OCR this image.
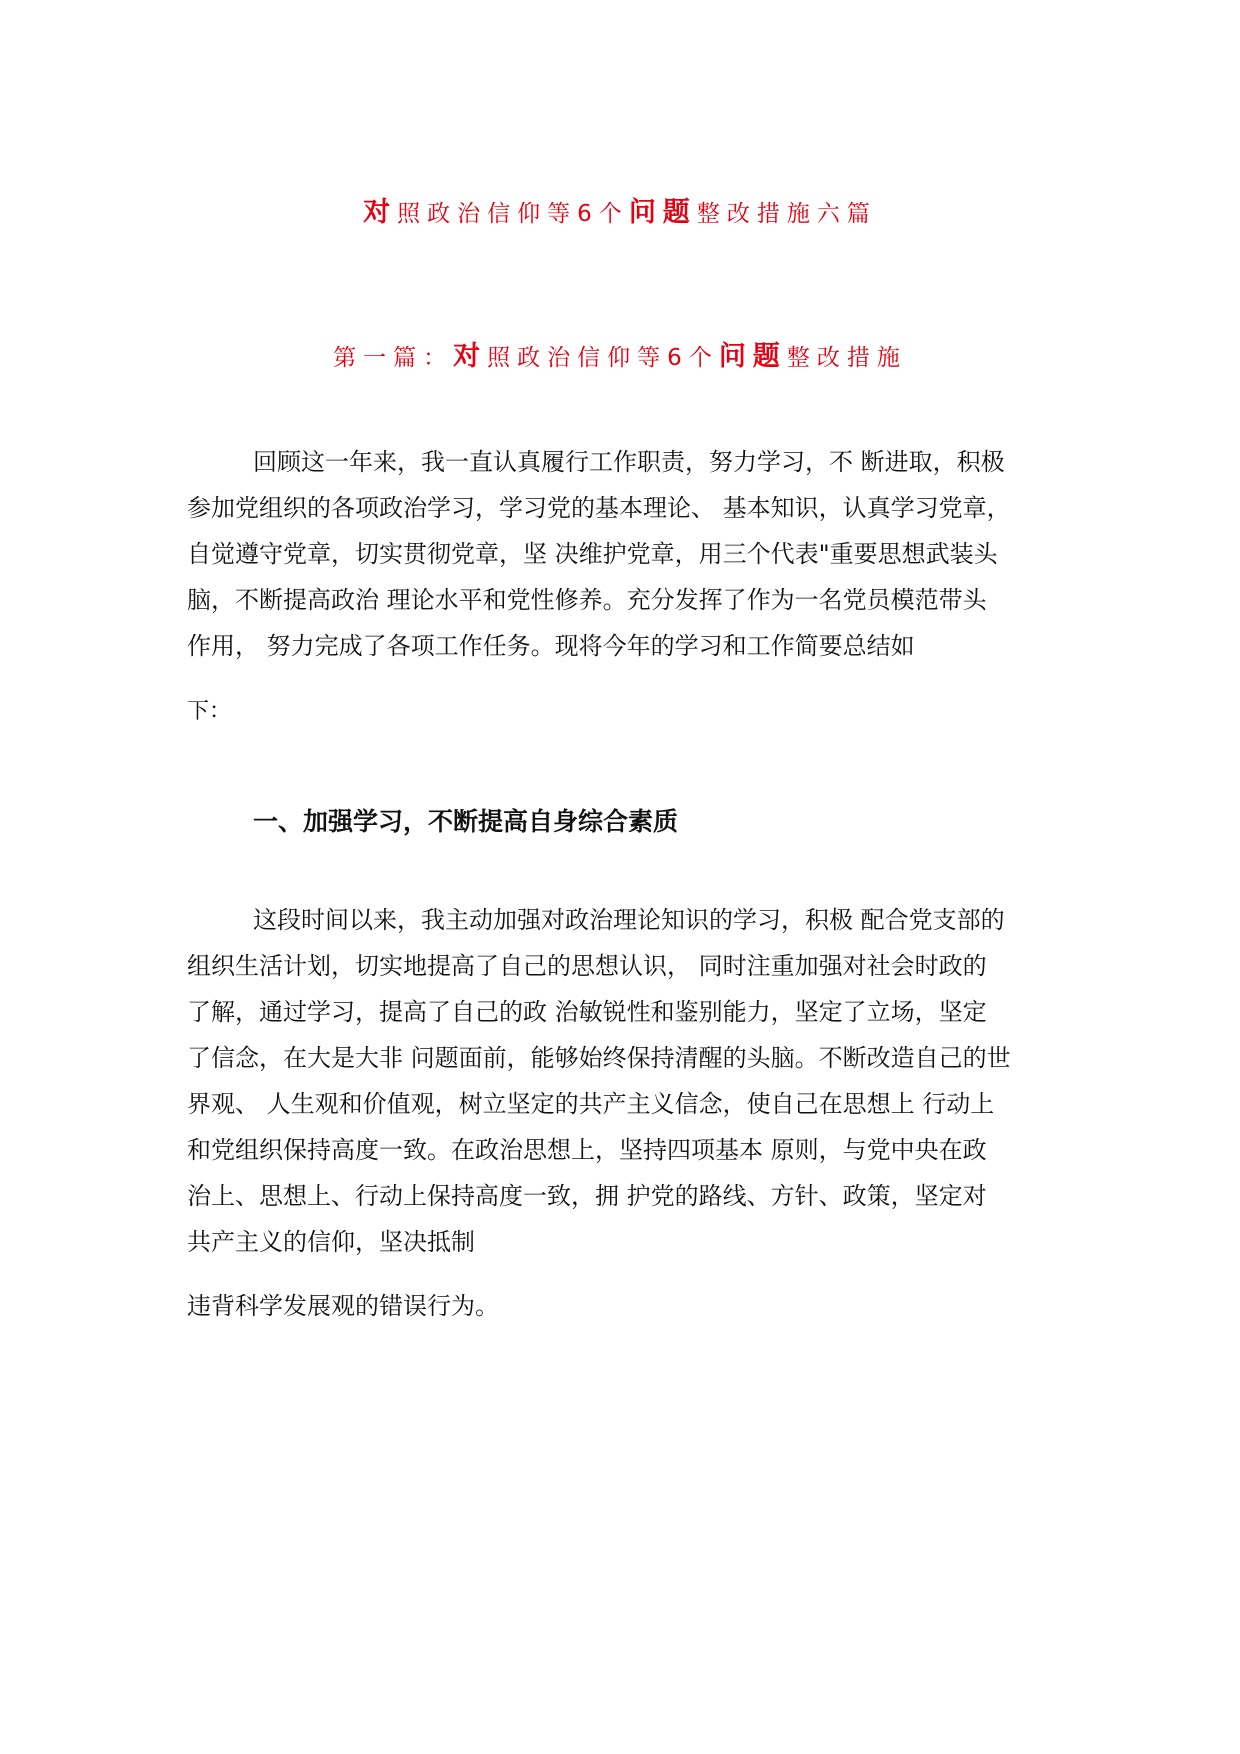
对照政治信仰等6个问题整改措施六篇
第一篇：对照政治信仰等6个问题整改措施
回顾这一年来，我一直认真履行工作职责，努力学习，不 断进取，积极
参加党组织的各项政治学习，学习党的基本理论、 基本知识，认真学习党章，
自觉遵守党章，切实贯彻党章，坚 决维护党章，用三个代表"重要思想武装头
脑，不断提高政治 理论水平和党性修养。充分发挥了作为一名党员模范带头
作用， 努力完成了各项工作任务。现将今年的学习和工作简要总结如
下：
一、加强学习，不断提高自身综合素质
这段时间以来，我主动加强对政治理论知识的学习，积极 配合党支部的
组织生活计划，切实地提高了自己的思想认识， 同时注重加强对社会时政的
了解，通过学习，提高了自己的政 治敏锐性和鉴别能力，坚定了立场，坚定
了信念，在大是大非 问题面前，能够始终保持清醒的头脑。不断改造自己的世
界观、 人生观和价值观，树立坚定的共产主义信念，使自己在思想上 行动上
和党组织保持高度一致。在政治思想上，坚持四项基本 原则，与党中央在政
治上、思想上、行动上保持高度一致，拥 护党的路线、方针、政策，坚定对
共产主义的信仰，坚决抵制
违背科学发展观的错误行为。
